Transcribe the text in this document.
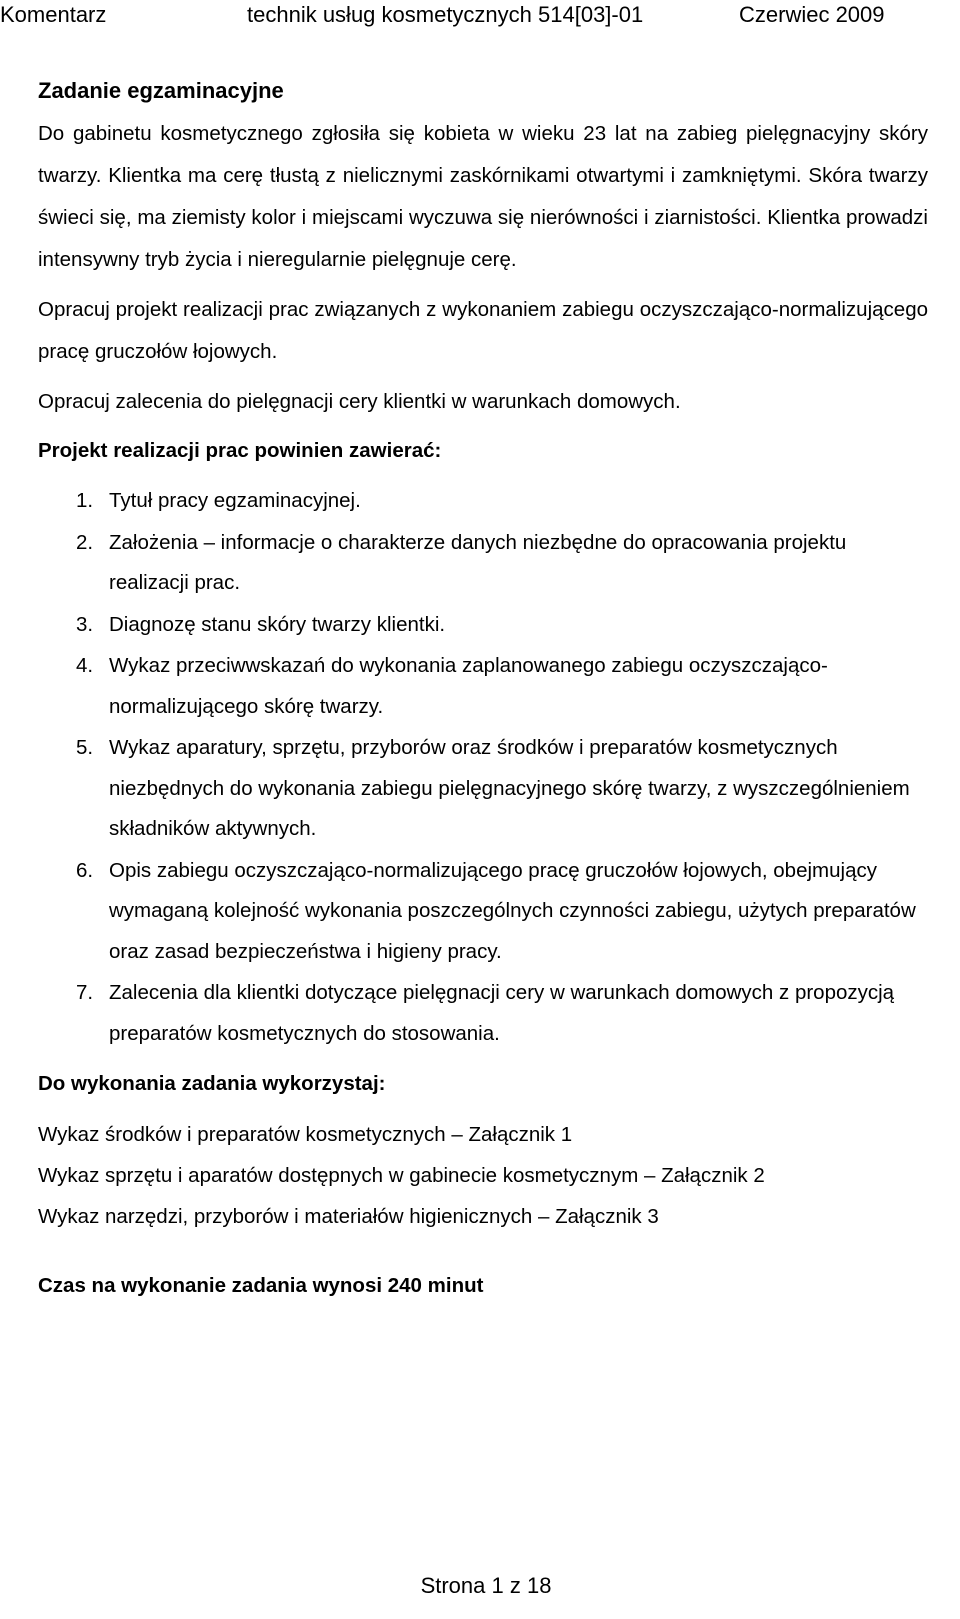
Komentarz	technik usług kosmetycznych 514[03]-01	Czerwiec 2009
Zadanie egzaminacyjne

Do gabinetu kosmetycznego zgłosiła się kobieta w wieku 23 lat na zabieg pielęgnacyjny skóry twarzy. Klientka ma cerę tłustą z nielicznymi zaskórnikami otwartymi i zamkniętymi. Skóra twarzy świeci się, ma ziemisty kolor i miejscami wyczuwa się nierówności i ziarnistości. Klientka prowadzi intensywny tryb życia i nieregularnie pielęgnuje cerę.

Opracuj projekt realizacji prac związanych z wykonaniem zabiegu oczyszczająco-normalizującego pracę gruczołów łojowych.

Opracuj zalecenia do pielęgnacji cery klientki w warunkach domowych.

Projekt realizacji prac powinien zawierać:
1. Tytuł pracy egzaminacyjnej.
2. Założenia – informacje o charakterze danych niezbędne do opracowania projektu realizacji prac.
3. Diagnozę stanu skóry twarzy klientki.
4. Wykaz przeciwwskazań do wykonania zaplanowanego zabiegu oczyszczająco-normalizującego skórę twarzy.
5. Wykaz aparatury, sprzętu, przyborów oraz środków i preparatów kosmetycznych niezbędnych do wykonania zabiegu pielęgnacyjnego skórę twarzy, z wyszczególnieniem składników aktywnych.
6. Opis zabiegu oczyszczająco-normalizującego pracę gruczołów łojowych, obejmujący wymaganą kolejność wykonania poszczególnych czynności zabiegu, użytych preparatów oraz zasad bezpieczeństwa i higieny pracy.
7. Zalecenia dla klientki dotyczące pielęgnacji cery w warunkach domowych z propozycją preparatów kosmetycznych do stosowania.
Do wykonania zadania wykorzystaj:
Wykaz środków i preparatów kosmetycznych – Załącznik 1
Wykaz sprzętu i aparatów dostępnych w gabinecie kosmetycznym – Załącznik 2
Wykaz narzędzi, przyborów i materiałów higienicznych – Załącznik 3

Czas na wykonanie zadania wynosi 240 minut

Strona 1 z 18
